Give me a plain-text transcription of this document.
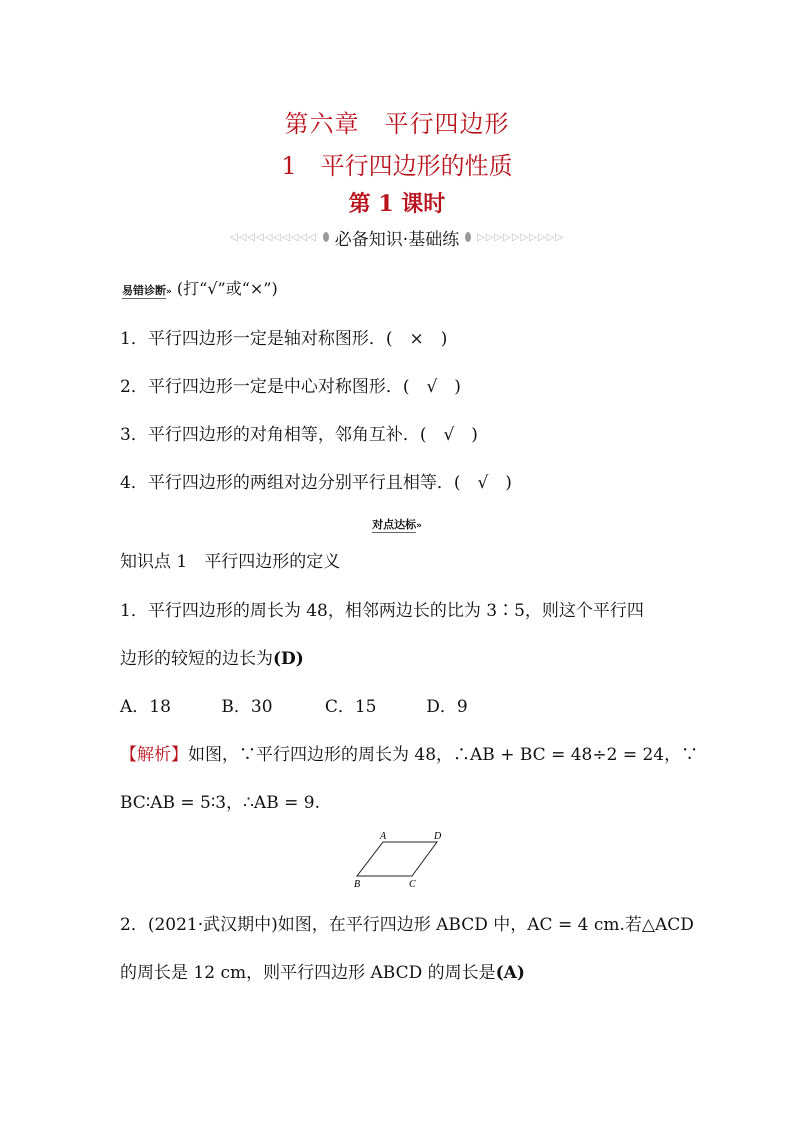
第六章　平行四边形
1　平行四边形的性质
第 1 课时
◁◁◁◁◁◁◁◁◁◁ 必备知识·基础练 ▷▷▷▷▷▷▷▷▷▷
易错诊断» (打“√”或“×”)
1．平行四边形一定是轴对称图形．(　×　)
2．平行四边形一定是中心对称图形．(　√　)
3．平行四边形的对角相等，邻角互补．(　√　)
4．平行四边形的两组对边分别平行且相等．(　√　)
对点达标»
知识点 1　平行四边形的定义
1．平行四边形的周长为 48，相邻两边长的比为 3∶5，则这个平行四
边形的较短的边长为(D)
A．18	B．30	C．15	D．9
【解析】如图，∵平行四边形的周长为 48，∴AB + BC = 48÷2 = 24，∵
BC∶AB = 5∶3，∴AB = 9.
A	D
B	C
2．(2021·武汉期中)如图，在平行四边形 ABCD 中，AC = 4 cm.若△ACD
的周长是 12 cm，则平行四边形 ABCD 的周长是(A)
